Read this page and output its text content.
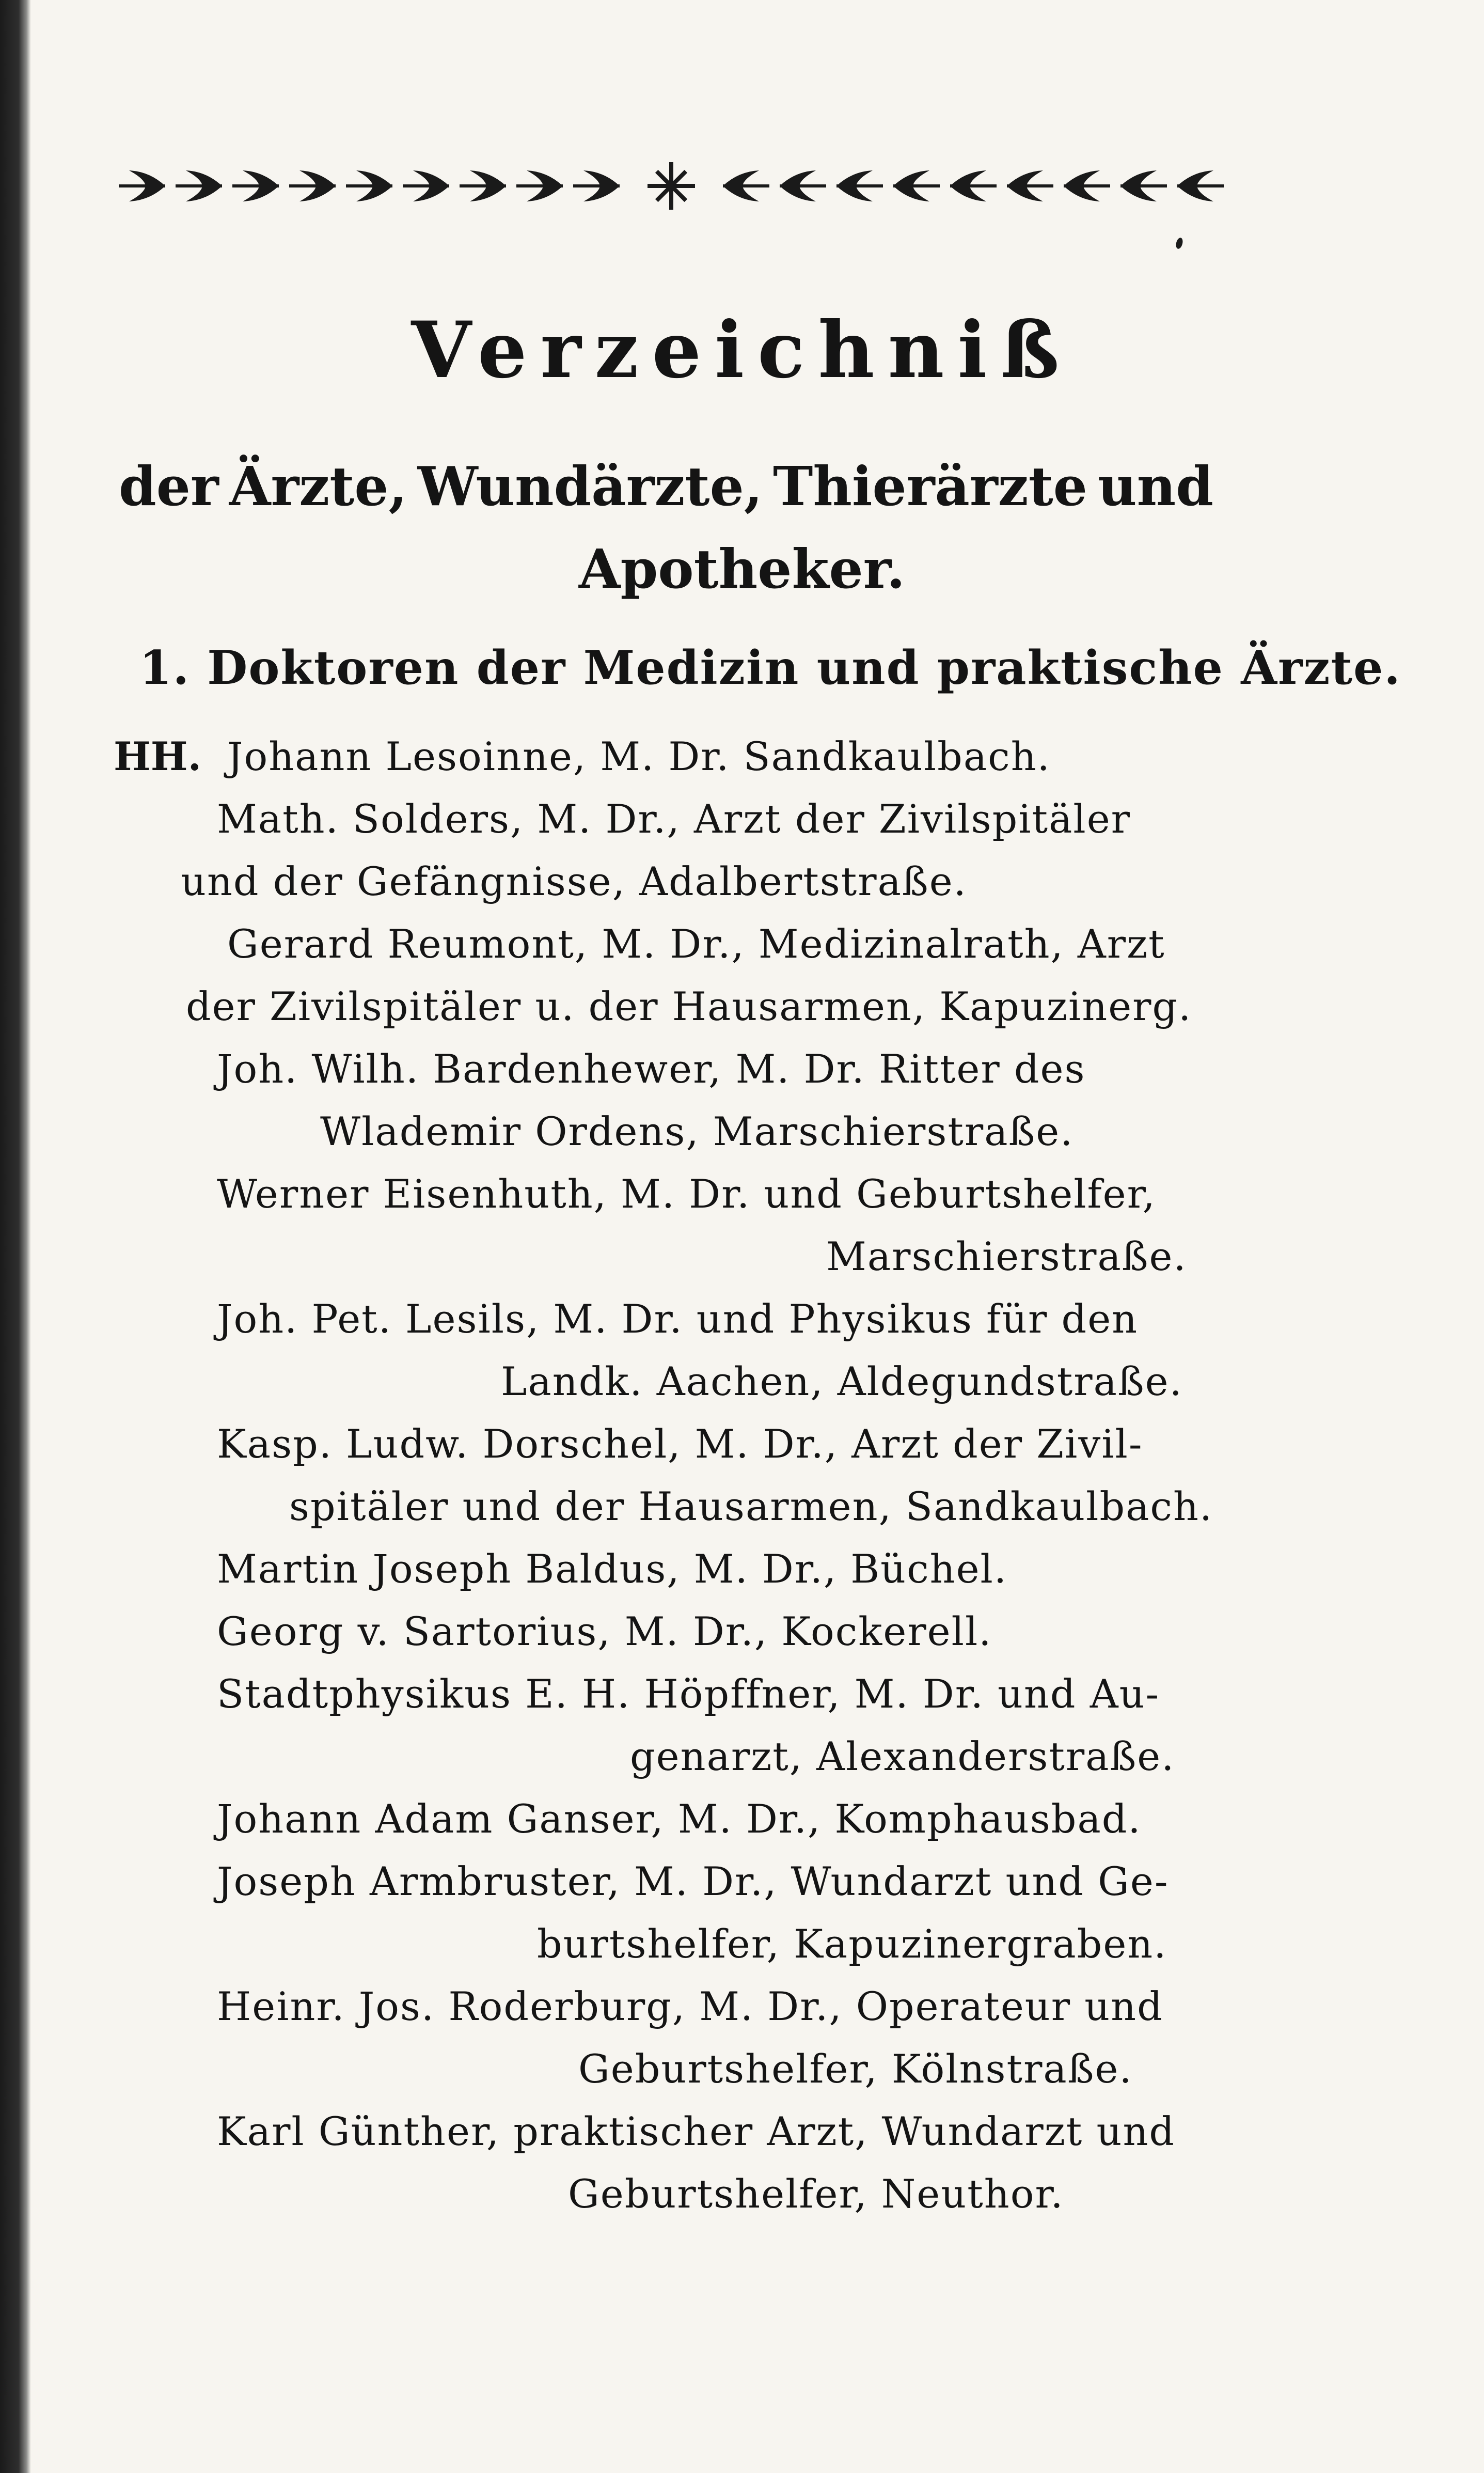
Verzeichniß
der Ärzte, Wundärzte, Thierärzte und
Apotheker.
1. Doktoren der Medizin und praktische Ärzte.
HH. Johann Lesoinne, M. Dr. Sandkaulbach.
Math. Solders, M. Dr., Arzt der Zivilspitäler
und der Gefängnisse, Adalbertstraße.
Gerard Reumont, M. Dr., Medizinalrath, Arzt
der Zivilspitäler u. der Hausarmen, Kapuzinerg.
Joh. Wilh. Bardenhewer, M. Dr. Ritter des
Wlademir Ordens, Marschierstraße.
Werner Eisenhuth, M. Dr. und Geburtshelfer,
Marschierstraße.
Joh. Pet. Lesils, M. Dr. und Physikus für den
Landk. Aachen, Aldegundstraße.
Kasp. Ludw. Dorschel, M. Dr., Arzt der Zivil-
spitäler und der Hausarmen, Sandkaulbach.
Martin Joseph Baldus, M. Dr., Büchel.
Georg v. Sartorius, M. Dr., Kockerell.
Stadtphysikus E. H. Höpffner, M. Dr. und Au-
genarzt, Alexanderstraße.
Johann Adam Ganser, M. Dr., Komphausbad.
Joseph Armbruster, M. Dr., Wundarzt und Ge-
burtshelfer, Kapuzinergraben.
Heinr. Jos. Roderburg, M. Dr., Operateur und
Geburtshelfer, Kölnstraße.
Karl Günther, praktischer Arzt, Wundarzt und
Geburtshelfer, Neuthor.
